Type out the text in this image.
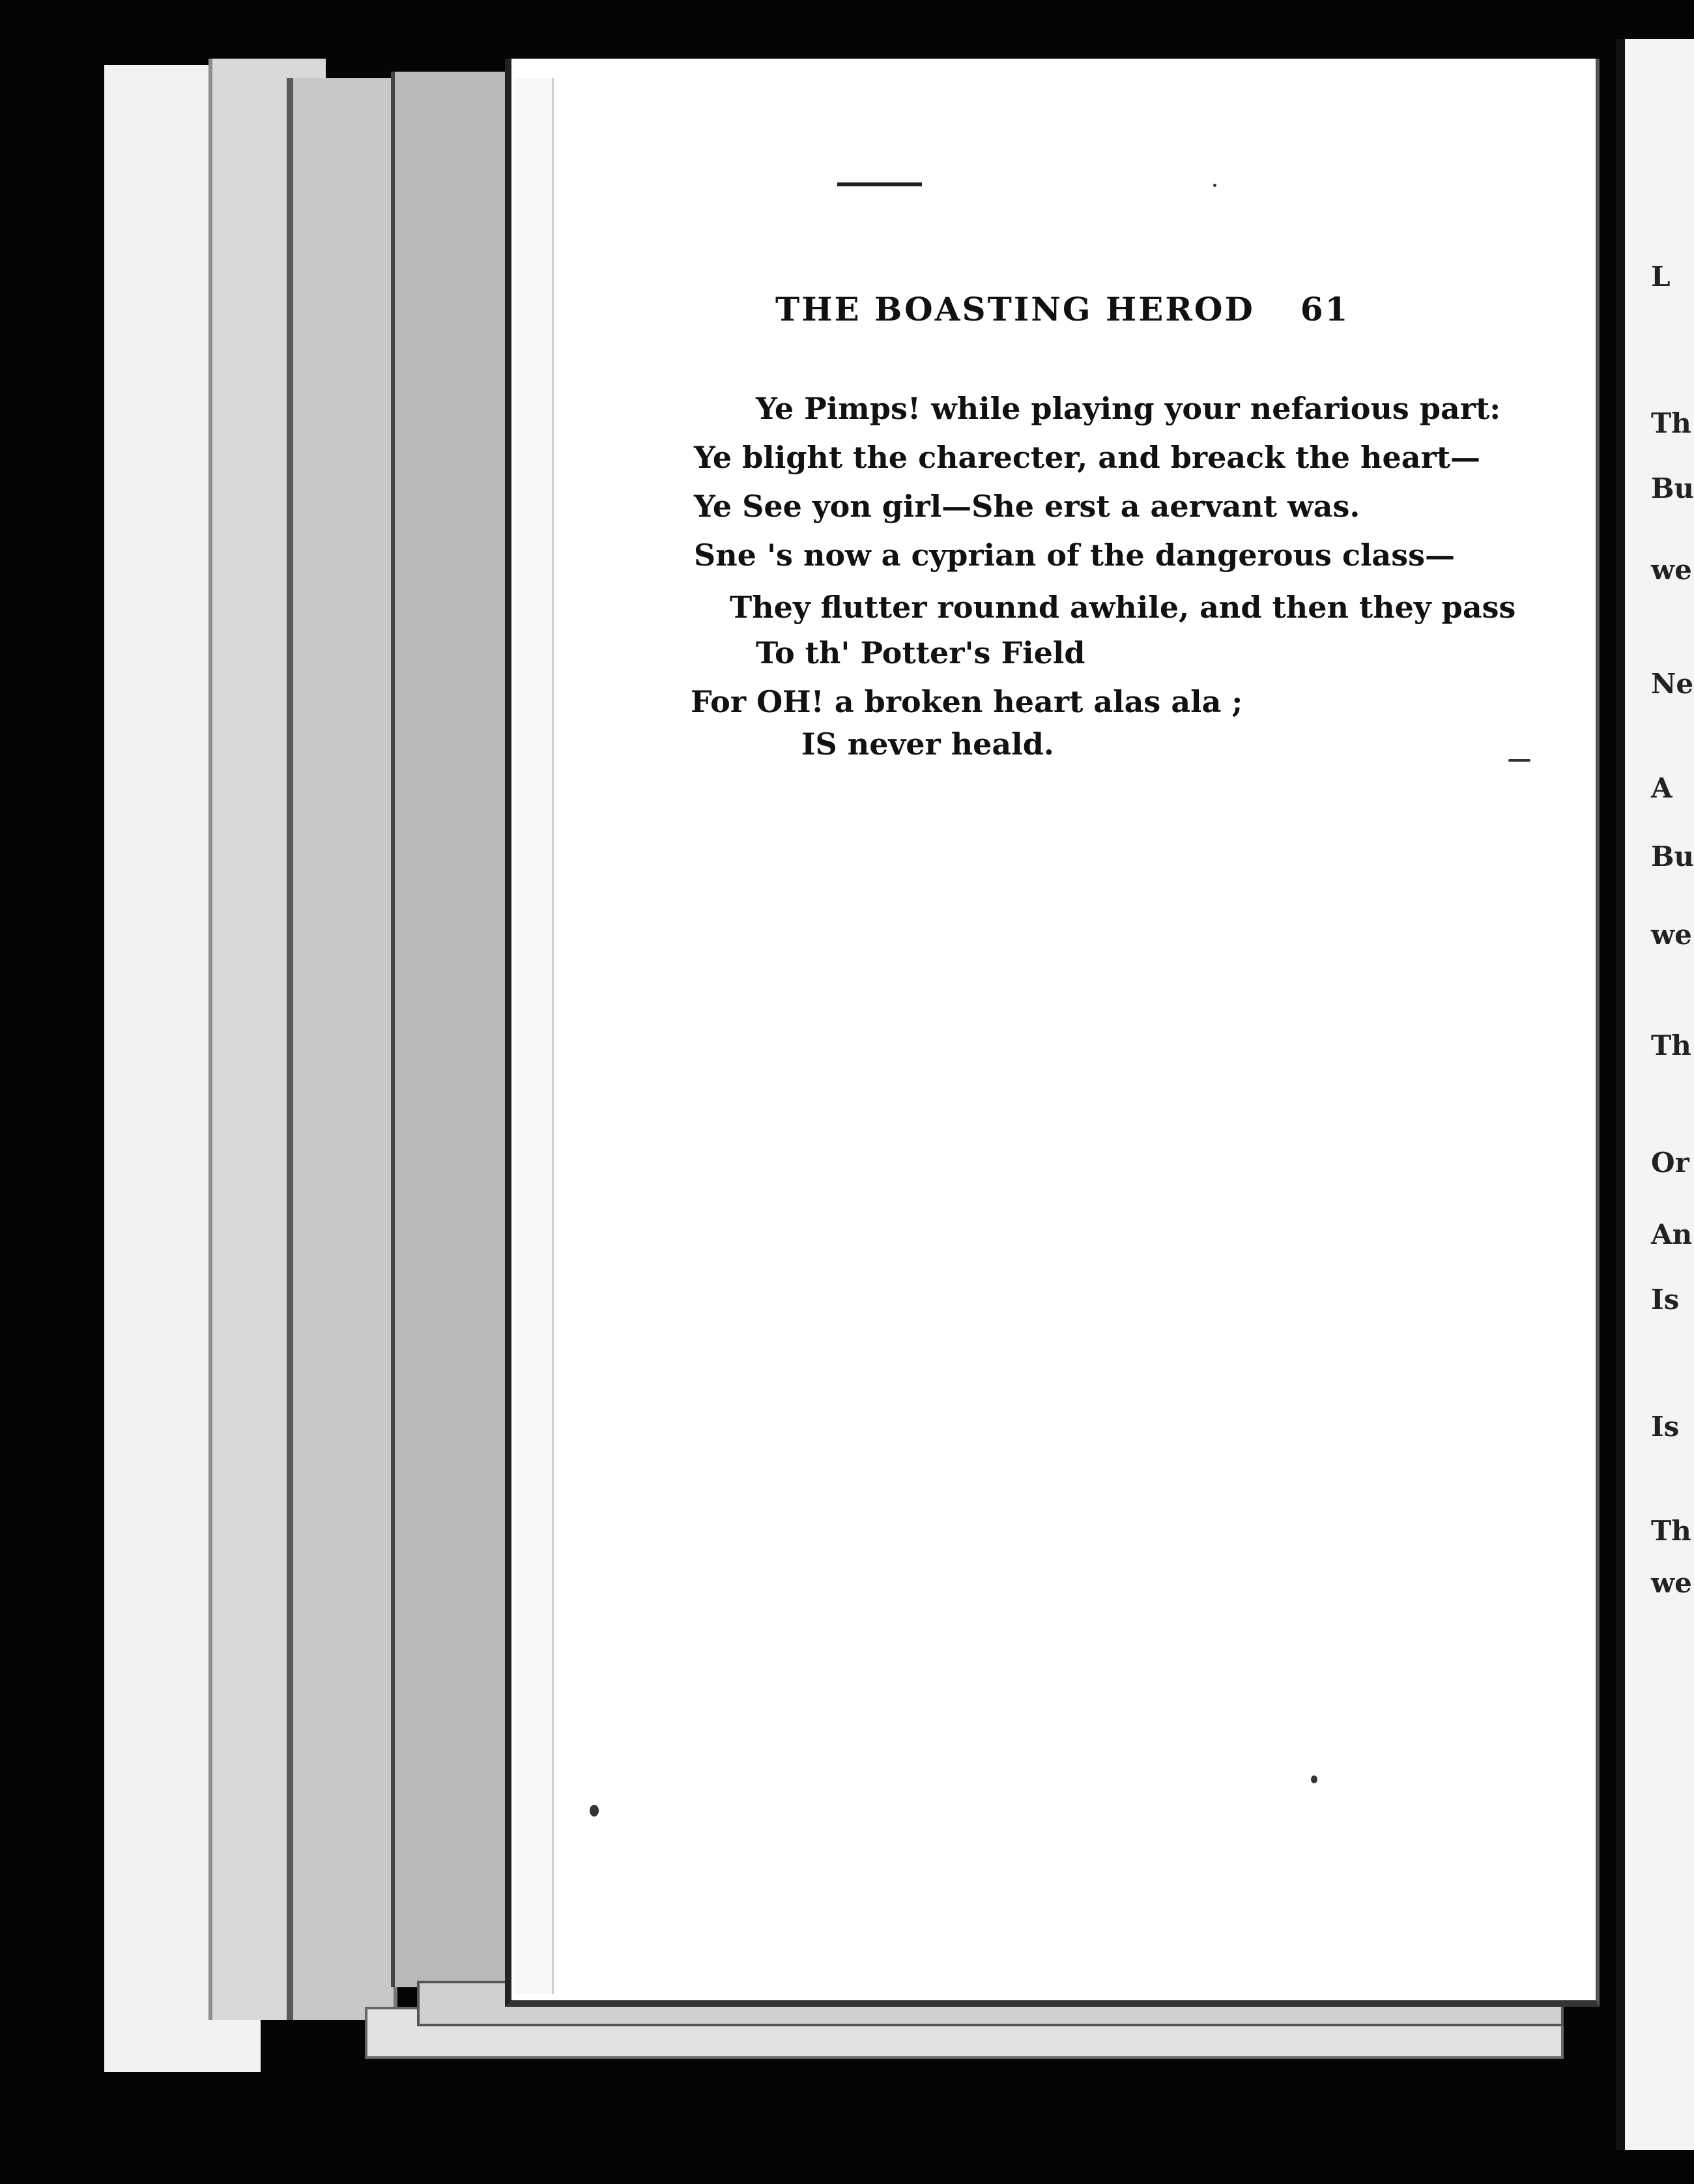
L
Th
Bu
we
Ne
A
Bu
we
Th
Or
An
Is
Is
Th
we
THE BOASTING HEROD 61
Ye Pimps! while playing your nefarious part:
Ye blight the charecter, and breack the heart—
Ye See yon girl—She erst a aervant was.
Sne 's now a cyprian of the dangerous class—
They flutter rounnd awhile, and then they pass
To th' Potter's Field
For OH! a broken heart alas ala ;
IS never heald.
